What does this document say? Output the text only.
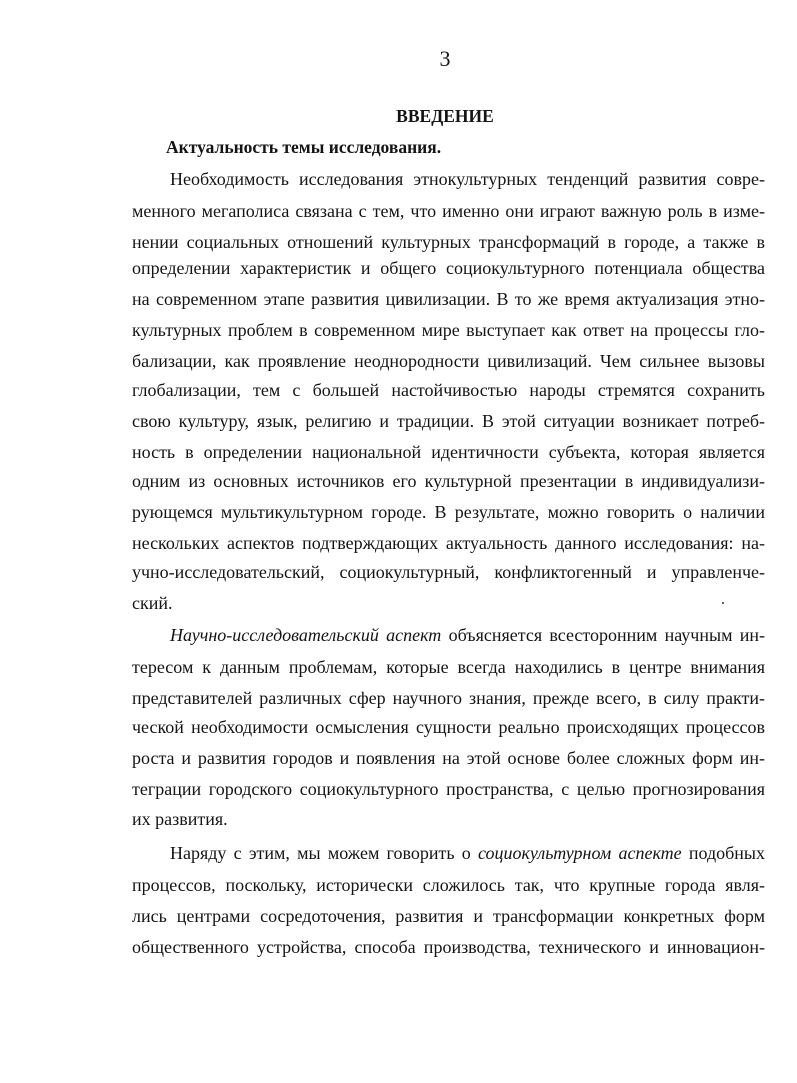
3
ВВЕДЕНИЕ
Актуальность темы исследования.
Необходимость исследования этнокультурных тенденций развития совре-
менного мегаполиса связана с тем, что именно они играют важную роль в изме-
нении социальных отношений культурных трансформаций в городе, а также в
определении характеристик и общего социокультурного потенциала общества
на современном этапе развития цивилизации. В то же время актуализация этно-
культурных проблем в современном мире выступает как ответ на процессы гло-
бализации, как проявление неоднородности цивилизаций. Чем сильнее вызовы
глобализации, тем с большей настойчивостью народы стремятся сохранить
свою культуру, язык, религию и традиции. В этой ситуации возникает потреб-
ность в определении национальной идентичности субъекта, которая является
одним из основных источников его культурной презентации в индивидуализи-
рующемся мультикультурном городе. В результате, можно говорить о наличии
нескольких аспектов подтверждающих актуальность данного исследования: на-
учно-исследовательский, социокультурный, конфликтогенный и управленче-
ский.
Научно-исследовательский аспект объясняется всесторонним научным ин-
тересом к данным проблемам, которые всегда находились в центре внимания
представителей различных сфер научного знания, прежде всего, в силу практи-
ческой необходимости осмысления сущности реально происходящих процессов
роста и развития городов и появления на этой основе более сложных форм ин-
теграции городского социокультурного пространства, с целью прогнозирования
их развития.
Наряду с этим, мы можем говорить о социокультурном аспекте подобных
процессов, поскольку, исторически сложилось так, что крупные города явля-
лись центрами сосредоточения, развития и трансформации конкретных форм
общественного устройства, способа производства, технического и инновацион-
